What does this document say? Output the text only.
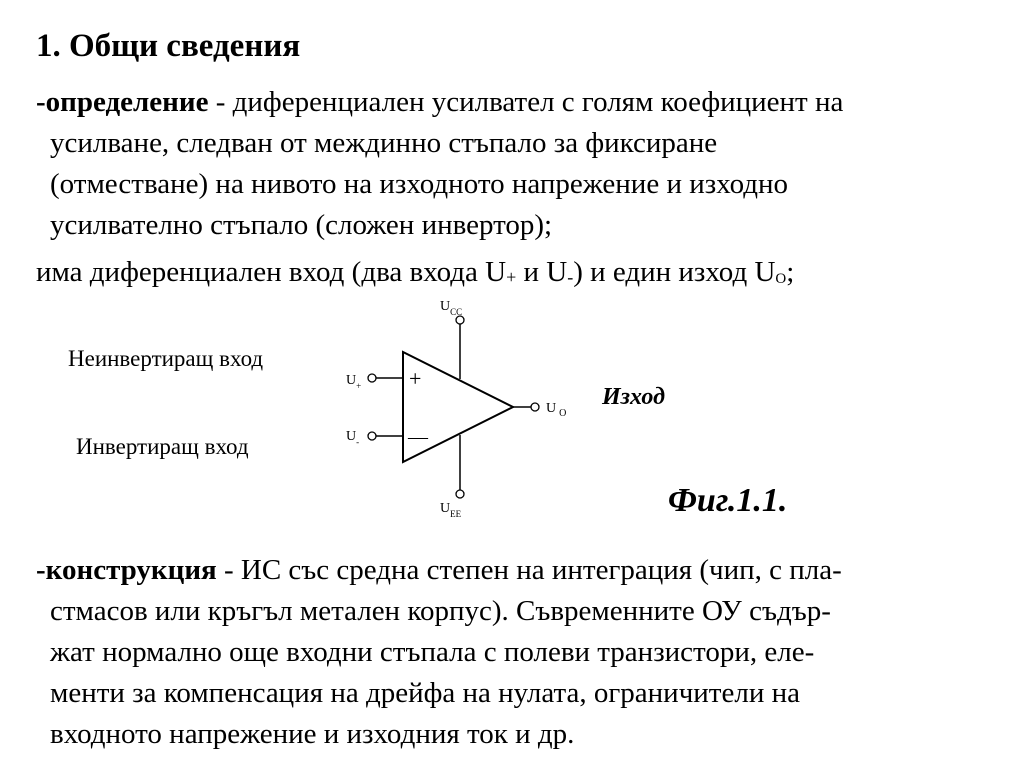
1. Общи сведения
-определение - диференциален усилвател с голям коефициент на
усилване, следван от междинно стъпало за фиксиране
(отместване) на нивото на изходното напрежение и изходно
усилвателно стъпало (сложен инвертор);
има диференциален вход (два входа $U_+$ и $U_-$) и един изход $U_O$;
Неинвертиращ вход
Инвертиращ вход
+
—
$U_+$
$U_-$
U $_O$
$U_{CC}$
$U_{EE}$
Изход
Фиг.1.1.
-конструкция - ИС със средна степен на интеграция (чип, с пла-
стмасов или кръгъл метален корпус). Съвременните ОУ съдър-
жат нормално още входни стъпала с полеви транзистори, еле-
менти за компенсация на дрейфа на нулата, ограничители на
входното напрежение и изходния ток и др.
